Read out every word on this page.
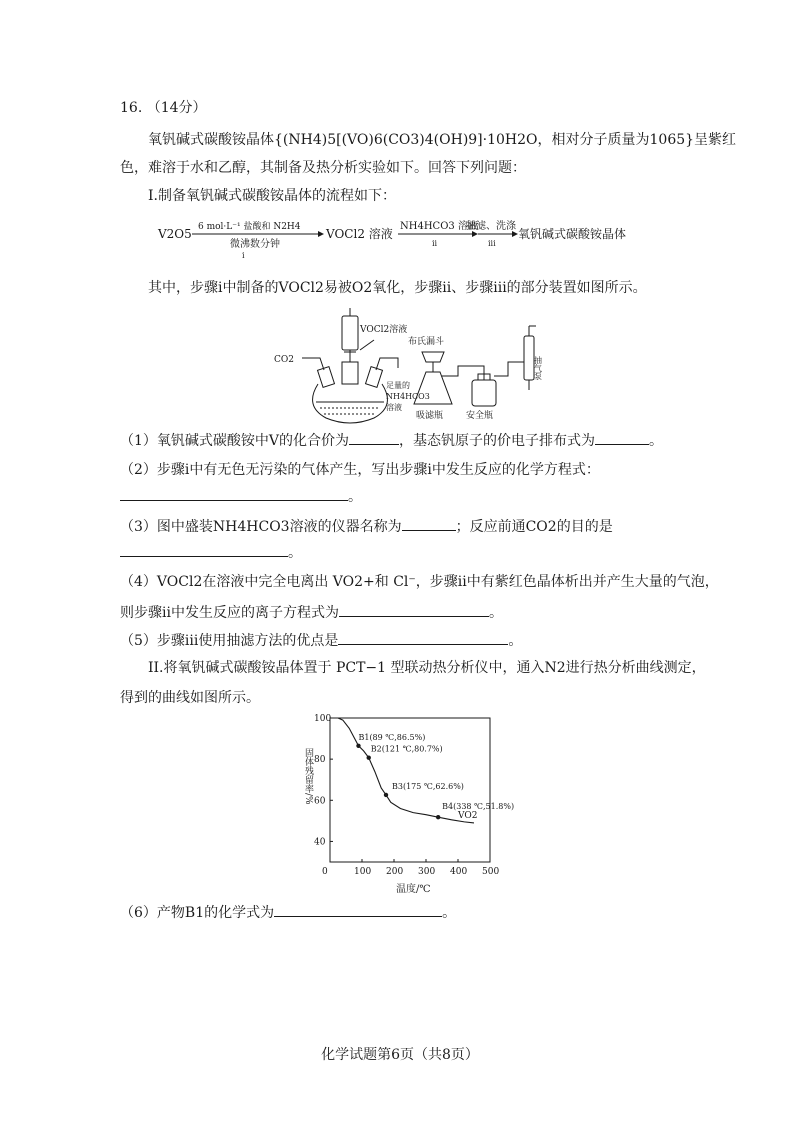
16. （14分）
氧钒碱式碳酸铵晶体{(NH4)5[(VO)6(CO3)4(OH)9]·10H2O，相对分子质量为1065}呈紫红
色，难溶于水和乙醇，其制备及热分析实验如下。回答下列问题：
I.制备氧钒碱式碳酸铵晶体的流程如下：
V2O5 6 mol·L⁻¹ 盐酸和 N2H4
微沸数分钟
i
VOCl2 溶液
NH4HCO3 溶液
ii
抽滤、洗涤
iii
氧钒碱式碳酸铵晶体
其中，步骤i中制备的VOCl2易被O2氧化，步骤ii、步骤iii的部分装置如图所示。
VOCl2溶液
CO2
足量的
NH4HCO3
溶液
布氏漏斗
吸滤瓶	安全瓶
抽气泵
（1）氧钒碱式碳酸铵中V的化合价为	，基态钒原子的价电子排布式为	。
（2）步骤i中有无色无污染的气体产生，写出步骤i中发生反应的化学方程式：
。
（3）图中盛装NH4HCO3溶液的仪器名称为	；反应前通CO2的目的是
。
（4）VOCl2在溶液中完全电离出 VO2+和 Cl⁻，步骤ii中有紫红色晶体析出并产生大量的气泡，
则步骤ii中发生反应的离子方程式为	。
（5）步骤iii使用抽滤方法的优点是	。
II.将氧钒碱式碳酸铵晶体置于 PCT−1 型联动热分析仪中，通入N2进行热分析曲线测定，
得到的曲线如图所示。
0	100 200 300 400 500
40
60
80
100
B1(89 ℃,86.5%)
B2(121 ℃,80.7%)
B3(175 ℃,62.6%)
B4(338 ℃,51.8%)
固体残留率/%
温度/℃
VO2
（6）产物B1的化学式为	。
化学试题第6页（共8页）
